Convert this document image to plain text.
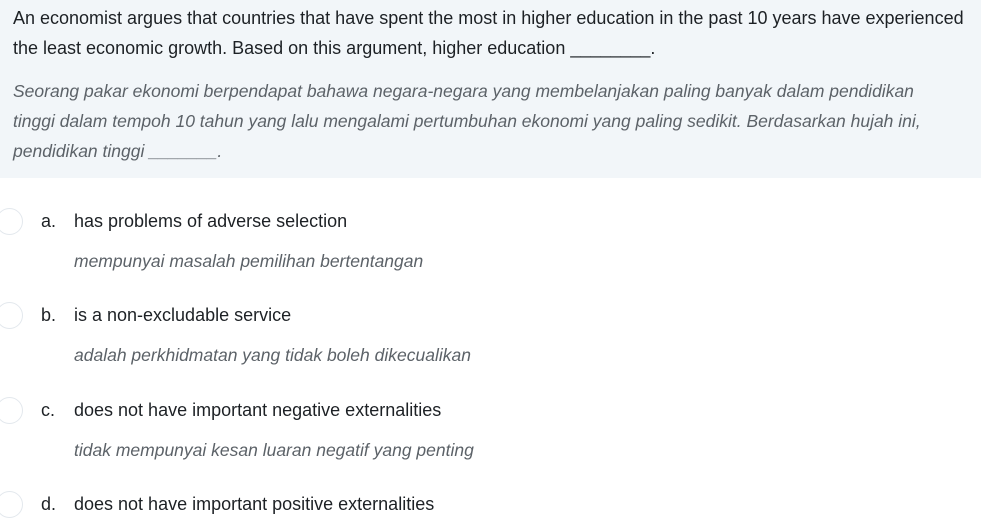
An economist argues that countries that have spent the most in higher education in the past 10 years have experienced the least economic growth. Based on this argument, higher education ________.
Seorang pakar ekonomi berpendapat bahawa negara-negara yang membelanjakan paling banyak dalam pendidikan tinggi dalam tempoh 10 tahun yang lalu mengalami pertumbuhan ekonomi yang paling sedikit. Berdasarkan hujah ini, pendidikan tinggi _______.
a. has problems of adverse selection
mempunyai masalah pemilihan bertentangan
b. is a non-excludable service
adalah perkhidmatan yang tidak boleh dikecualikan
c. does not have important negative externalities
tidak mempunyai kesan luaran negatif yang penting
d. does not have important positive externalities
